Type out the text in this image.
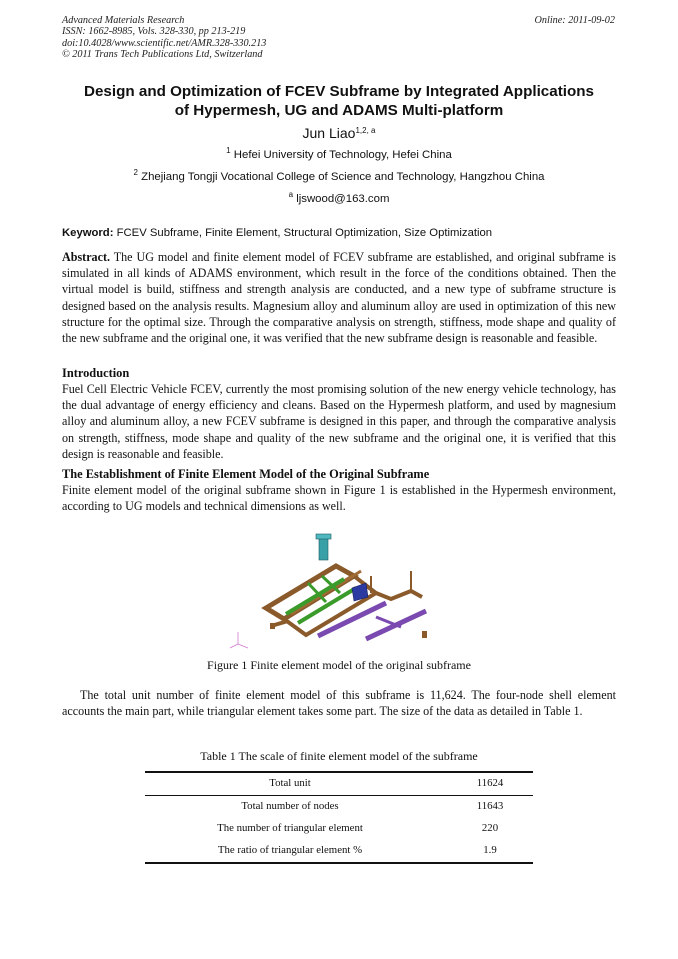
Advanced Materials Research
ISSN: 1662-8985, Vols. 328-330, pp 213-219
doi:10.4028/www.scientific.net/AMR.328-330.213
© 2011 Trans Tech Publications Ltd, Switzerland
Online: 2011-09-02
Design and Optimization of FCEV Subframe by Integrated Applications
of Hypermesh, UG and ADAMS Multi-platform
Jun Liao$^{1,2, a}$
$^1$ Hefei University of Technology, Hefei China
$^2$ Zhejiang Tongji Vocational College of Science and Technology, Hangzhou China
$^a$ ljswood@163.com
Keyword: FCEV Subframe, Finite Element, Structural Optimization, Size Optimization
Abstract. The UG model and finite element model of FCEV subframe are established, and original subframe is simulated in all kinds of ADAMS environment, which result in the force of the conditions obtained. Then the virtual model is build, stiffness and strength analysis are conducted, and a new type of subframe structure is designed based on the analysis results. Magnesium alloy and aluminum alloy are used in optimization of this new structure for the optimal size. Through the comparative analysis on strength, stiffness, mode shape and quality of the new subframe and the original one, it was verified that the new subframe design is reasonable and feasible.
Introduction
Fuel Cell Electric Vehicle FCEV, currently the most promising solution of the new energy vehicle technology, has the dual advantage of energy efficiency and cleans. Based on the Hypermesh platform, and used by magnesium alloy and aluminum alloy, a new FCEV subframe is designed in this paper, and through the comparative analysis on strength, stiffness, mode shape and quality of the new subframe and the original one, it is verified that this design is reasonable and feasible.
The Establishment of Finite Element Model of the Original Subframe
Finite element model of the original subframe shown in Figure 1 is established in the Hypermesh environment, according to UG models and technical dimensions as well.
Figure 1 Finite element model of the original subframe
The total unit number of finite element model of this subframe is 11,624. The four-node shell element accounts the main part, while triangular element takes some part. The size of the data as detailed in Table 1.
Table 1 The scale of finite element model of the subframe
Total unit	11624
Total number of nodes	11643
The number of triangular element	220
The ratio of triangular element %	1.9
